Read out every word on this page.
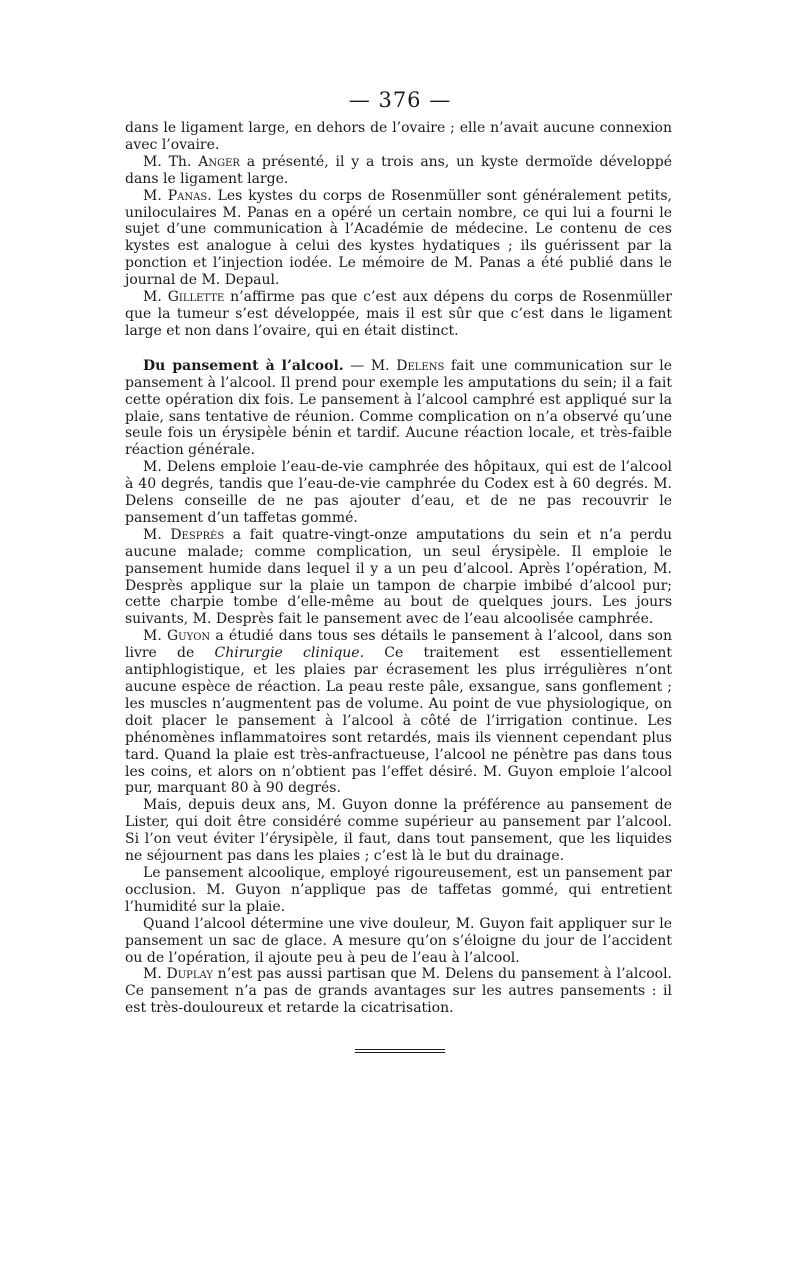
— 376 —

dans le ligament large, en dehors de l’ovaire ; elle n’avait aucune connexion avec l’ovaire.

M. Th. Anger a présenté, il y a trois ans, un kyste dermoïde développé dans le ligament large.

M. Panas. Les kystes du corps de Rosenmüller sont généralement petits, uniloculaires M. Panas en a opéré un certain nombre, ce qui lui a fourni le sujet d’une communication à l’Académie de médecine. Le contenu de ces kystes est analogue à celui des kystes hydatiques ; ils guérissent par la ponction et l’injection iodée. Le mémoire de M. Panas a été publié dans le journal de M. Depaul.

M. Gillette n’affirme pas que c’est aux dépens du corps de Rosenmüller que la tumeur s’est développée, mais il est sûr que c’est dans le ligament large et non dans l’ovaire, qui en était distinct.

Du pansement à l’alcool. — M. Delens fait une communication sur le pansement à l’alcool. Il prend pour exemple les amputations du sein; il a fait cette opération dix fois. Le pansement à l’alcool camphré est appliqué sur la plaie, sans tentative de réunion. Comme complication on n’a observé qu’une seule fois un érysipèle bénin et tardif. Aucune réaction locale, et très-faible réaction générale.

M. Delens emploie l’eau-de-vie camphrée des hôpitaux, qui est de l’alcool à 40 degrés, tandis que l’eau-de-vie camphrée du Codex est à 60 degrés. M. Delens conseille de ne pas ajouter d’eau, et de ne pas recouvrir le pansement d’un taffetas gommé.

M. Desprès a fait quatre-vingt-onze amputations du sein et n’a perdu aucune malade; comme complication, un seul érysipèle. Il emploie le pansement humide dans lequel il y a un peu d’alcool. Après l’opération, M. Desprès applique sur la plaie un tampon de charpie imbibé d’alcool pur; cette charpie tombe d’elle-même au bout de quelques jours. Les jours suivants, M. Desprès fait le pansement avec de l’eau alcoolisée camphrée.

M. Guyon a étudié dans tous ses détails le pansement à l’alcool, dans son livre de Chirurgie clinique. Ce traitement est essentiellement antiphlogistique, et les plaies par écrasement les plus irrégulières n’ont aucune espèce de réaction. La peau reste pâle, exsangue, sans gonflement ; les muscles n’augmentent pas de volume. Au point de vue physiologique, on doit placer le pansement à l’alcool à côté de l’irrigation continue. Les phénomènes inflammatoires sont retardés, mais ils viennent cependant plus tard. Quand la plaie est très-anfractueuse, l’alcool ne pénètre pas dans tous les coins, et alors on n’obtient pas l’effet désiré. M. Guyon emploie l’alcool pur, marquant 80 à 90 degrés.

Mais, depuis deux ans, M. Guyon donne la préférence au pansement de Lister, qui doit être considéré comme supérieur au pansement par l’alcool. Si l’on veut éviter l’érysipèle, il faut, dans tout pansement, que les liquides ne séjournent pas dans les plaies ; c’est là le but du drainage.

Le pansement alcoolique, employé rigoureusement, est un pansement par occlusion. M. Guyon n’applique pas de taffetas gommé, qui entretient l’humidité sur la plaie.

Quand l’alcool détermine une vive douleur, M. Guyon fait appliquer sur le pansement un sac de glace. A mesure qu’on s’éloigne du jour de l’accident ou de l’opération, il ajoute peu à peu de l’eau à l’alcool.

M. Duplay n’est pas aussi partisan que M. Delens du pansement à l’alcool. Ce pansement n’a pas de grands avantages sur les autres pansements : il est très-douloureux et retarde la cicatrisation.
